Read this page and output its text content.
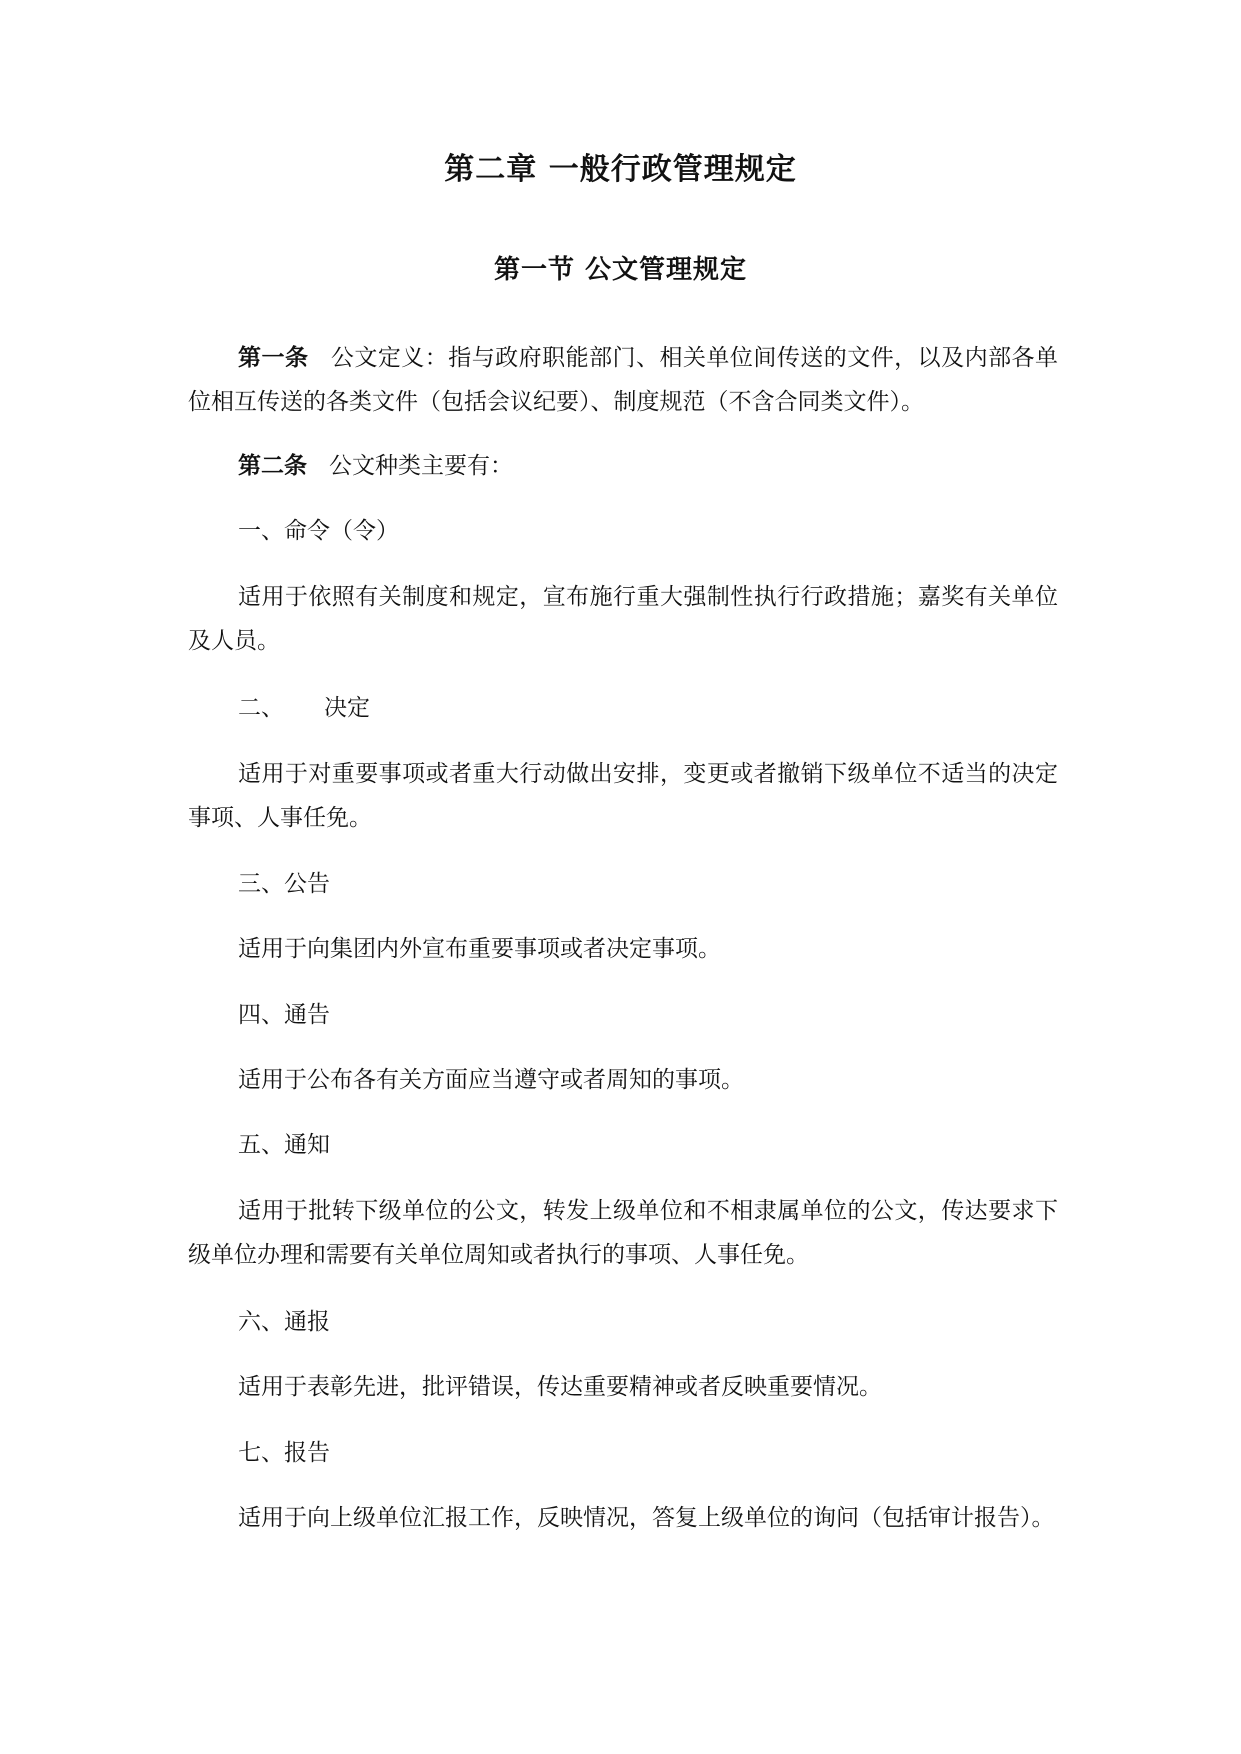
第二章 一般行政管理规定
第一节 公文管理规定
第一条 公文定义：指与政府职能部门、相关单位间传送的文件，以及内部各单位相互传送的各类文件（包括会议纪要）、制度规范（不含合同类文件）。
第二条 公文种类主要有：
一、命令（令）
适用于依照有关制度和规定，宣布施行重大强制性执行行政措施；嘉奖有关单位及人员。
二、 决定
适用于对重要事项或者重大行动做出安排，变更或者撤销下级单位不适当的决定事项、人事任免。
三、公告
适用于向集团内外宣布重要事项或者决定事项。
四、通告
适用于公布各有关方面应当遵守或者周知的事项。
五、通知
适用于批转下级单位的公文，转发上级单位和不相隶属单位的公文，传达要求下级单位办理和需要有关单位周知或者执行的事项、人事任免。
六、通报
适用于表彰先进，批评错误，传达重要精神或者反映重要情况。
七、报告
适用于向上级单位汇报工作，反映情况，答复上级单位的询问（包括审计报告）。
